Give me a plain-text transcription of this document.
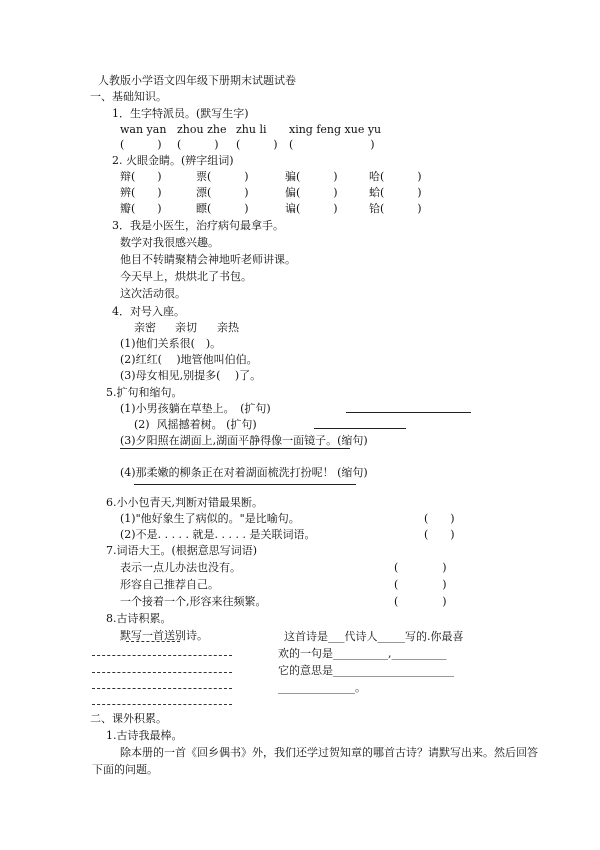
人教版小学语文四年级下册期末试题试卷
一、基础知识。
1．生字特派员。(默写生字)
wan yan zhou zhe zhu li xing feng xue yu
(　　　) (　　　) (　　　) (　　　　　　　)
2. 火眼金睛。(辨字组词)
辩(　　)	票(　　　)	骗(　　　)	哈(　　　)
辨(　　)	漂(　　　)	偏(　　　)	蛤(　　　)
瓣(　　)	瞟(　　　)	谝(　　　)	铪(　　　)
3．我是小医生，治疗病句最拿手。
数学对我很感兴趣。
他目不转睛聚精会神地听老师讲课。
今天早上，烘烘北了书包。
这次活动很。
4．对号入座。
亲密 亲切 亲热
(1)他们关系很(　)。
(2)红红(　 )地管他叫伯伯。
(3)母女相见,别提多(　 )了。
5.扩句和缩句。
(1)小男孩躺在草垫上。　(扩句)
(2)  风摇撼着树。 (扩句)
(3)夕阳照在湖面上,湖面平静得像一面镜子。(缩句)
(4)那柔嫩的柳条正在对着湖面梳洗打扮呢！ (缩句)
6.小小包青天,判断对错最果断。
(1)"他好象生了病似的。"是比喻句。	(　　)
(2)不是. . . . . 就是. . . . . 是关联词语。	(　　)
7.词语大王。(根据意思写词语)
表示一点儿办法也没有。	(　　　　)
形容自己推荐自己。	(　　　　)
一个接着一个,形容来往频繁。	(　　　　)
8.古诗积累。
默写一首送别诗。	这首诗是___代诗人_____写的.你最喜
欢的一句是__________,__________
它的意思是______________________
______________。
二、课外积累。
1.古诗我最棒。
除本册的一首《回乡偶书》外，我们还学过贺知章的哪首古诗？请默写出来。然后回答
下面的问题。
